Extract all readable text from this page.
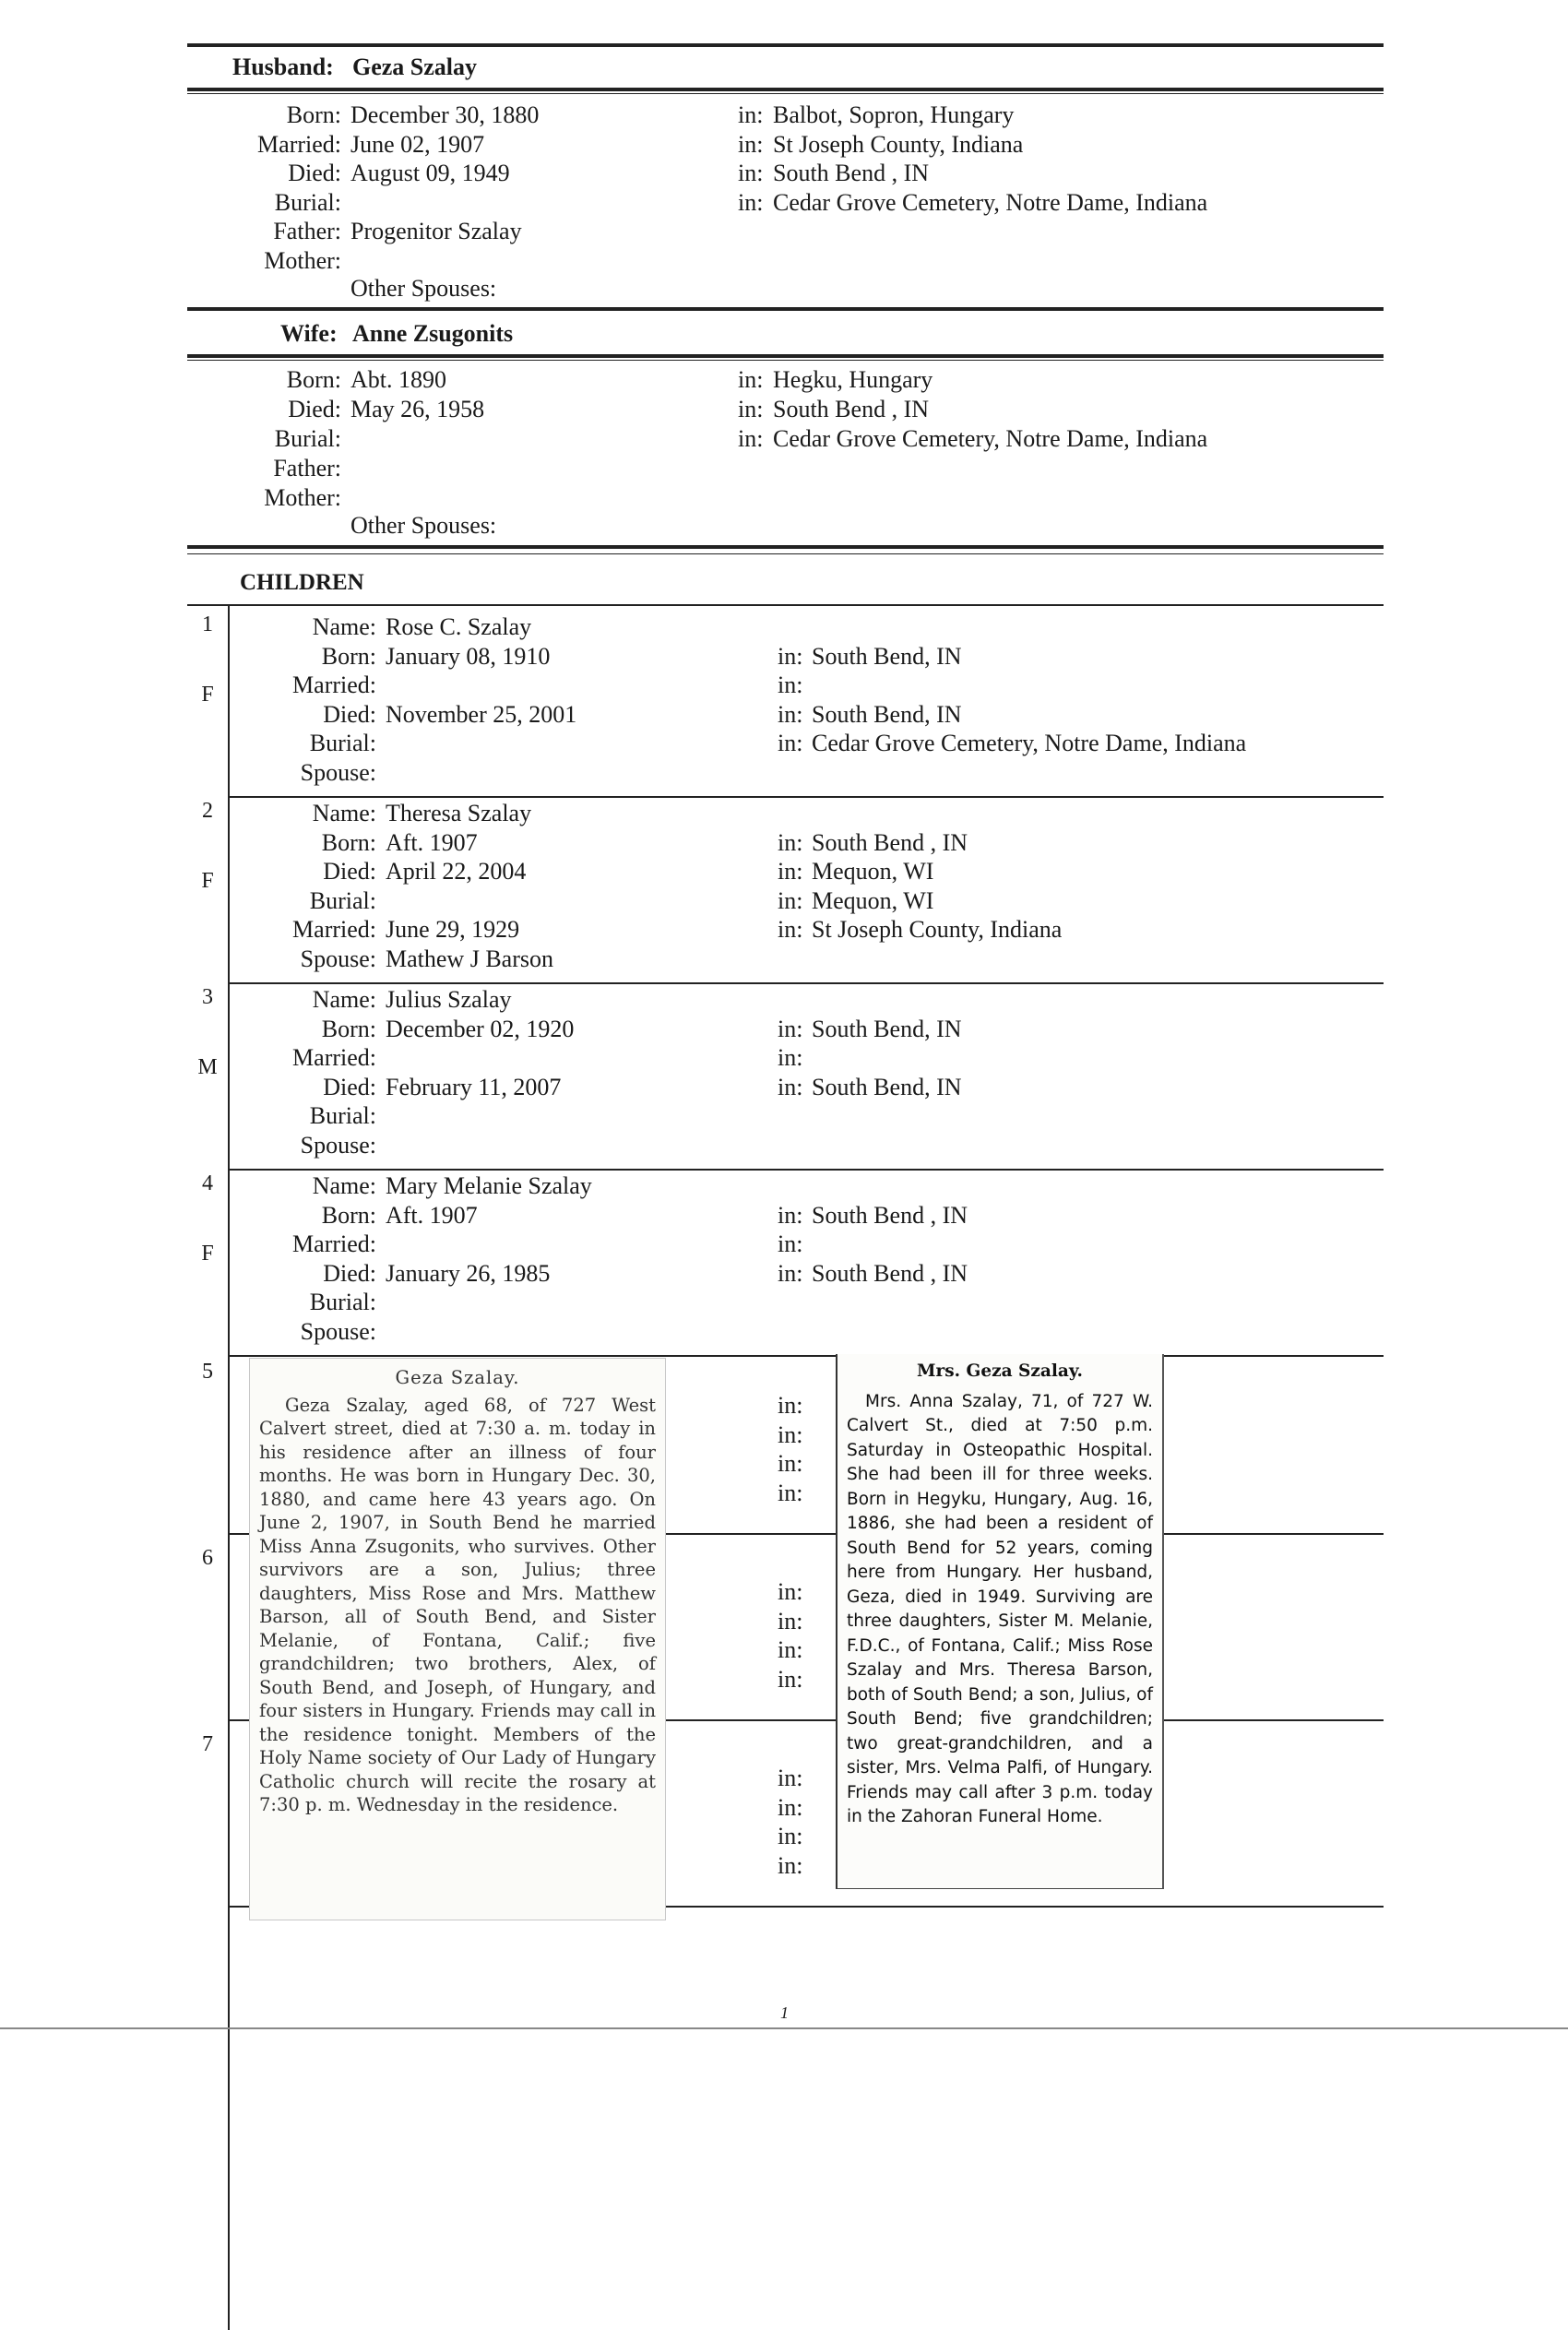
Husband: Geza Szalay
Born: December 30, 1880	in: Balbot, Sopron, Hungary
Married: June 02, 1907	in: St Joseph County, Indiana
Died: August 09, 1949	in: South Bend , IN
Burial:	in: Cedar Grove Cemetery, Notre Dame, Indiana
Father: Progenitor Szalay
Mother:
Other Spouses:
Wife: Anne Zsugonits
Born: Abt. 1890	in: Hegku, Hungary
Died: May 26, 1958	in: South Bend , IN
Burial:	in: Cedar Grove Cemetery, Notre Dame, Indiana
Father:
Mother:
Other Spouses:
CHILDREN
1
F
Name: Rose C. Szalay
Born: January 08, 1910	in: South Bend, IN
Married:	in:
Died: November 25, 2001	in: South Bend, IN
Burial:	in: Cedar Grove Cemetery, Notre Dame, Indiana
Spouse:
2
F
Name: Theresa Szalay
Born: Aft. 1907	in: South Bend , IN
Died: April 22, 2004	in: Mequon, WI
Burial:	in: Mequon, WI
Married: June 29, 1929	in: St Joseph County, Indiana
Spouse: Mathew J Barson
3
M
Name: Julius Szalay
Born: December 02, 1920	in: South Bend, IN
Married:	in:
Died: February 11, 2007	in: South Bend, IN
Burial:
Spouse:
4
F
Name: Mary Melanie Szalay
Born: Aft. 1907	in: South Bend , IN
Married:	in:
Died: January 26, 1985	in: South Bend , IN
Burial:
Spouse:
5
in:
in:
in:
in:
6
in:
in:
in:
in:
7
in:
in:
in:
in:
Geza Szalay.
Geza Szalay, aged 68, of 727 West Calvert street, died at 7:30 a. m. today in his residence after an illness of four months. He was born in Hungary Dec. 30, 1880, and came here 43 years ago. On June 2, 1907, in South Bend he married Miss Anna Zsugonits, who survives. Other survivors are a son, Julius; three daughters, Miss Rose and Mrs. Matthew Barson, all of South Bend, and Sister Melanie, of Fontana, Calif.; five grandchildren; two brothers, Alex, of South Bend, and Joseph, of Hungary, and four sisters in Hungary. Friends may call in the residence tonight. Members of the Holy Name society of Our Lady of Hungary Catholic church will recite the rosary at 7:30 p. m. Wednesday in the residence.
Mrs. Geza Szalay.
Mrs. Anna Szalay, 71, of 727 W. Calvert St., died at 7:50 p.m. Saturday in Osteopathic Hospital. She had been ill for three weeks. Born in Hegyku, Hungary, Aug. 16, 1886, she had been a resident of South Bend for 52 years, coming here from Hungary. Her husband, Geza, died in 1949. Surviving are three daughters, Sister M. Melanie, F.D.C., of Fontana, Calif.; Miss Rose Szalay and Mrs. Theresa Barson, both of South Bend; a son, Julius, of South Bend; five grandchildren; two great-grandchildren, and a sister, Mrs. Velma Palfi, of Hungary. Friends may call after 3 p.m. today in the Zahoran Funeral Home.
1
